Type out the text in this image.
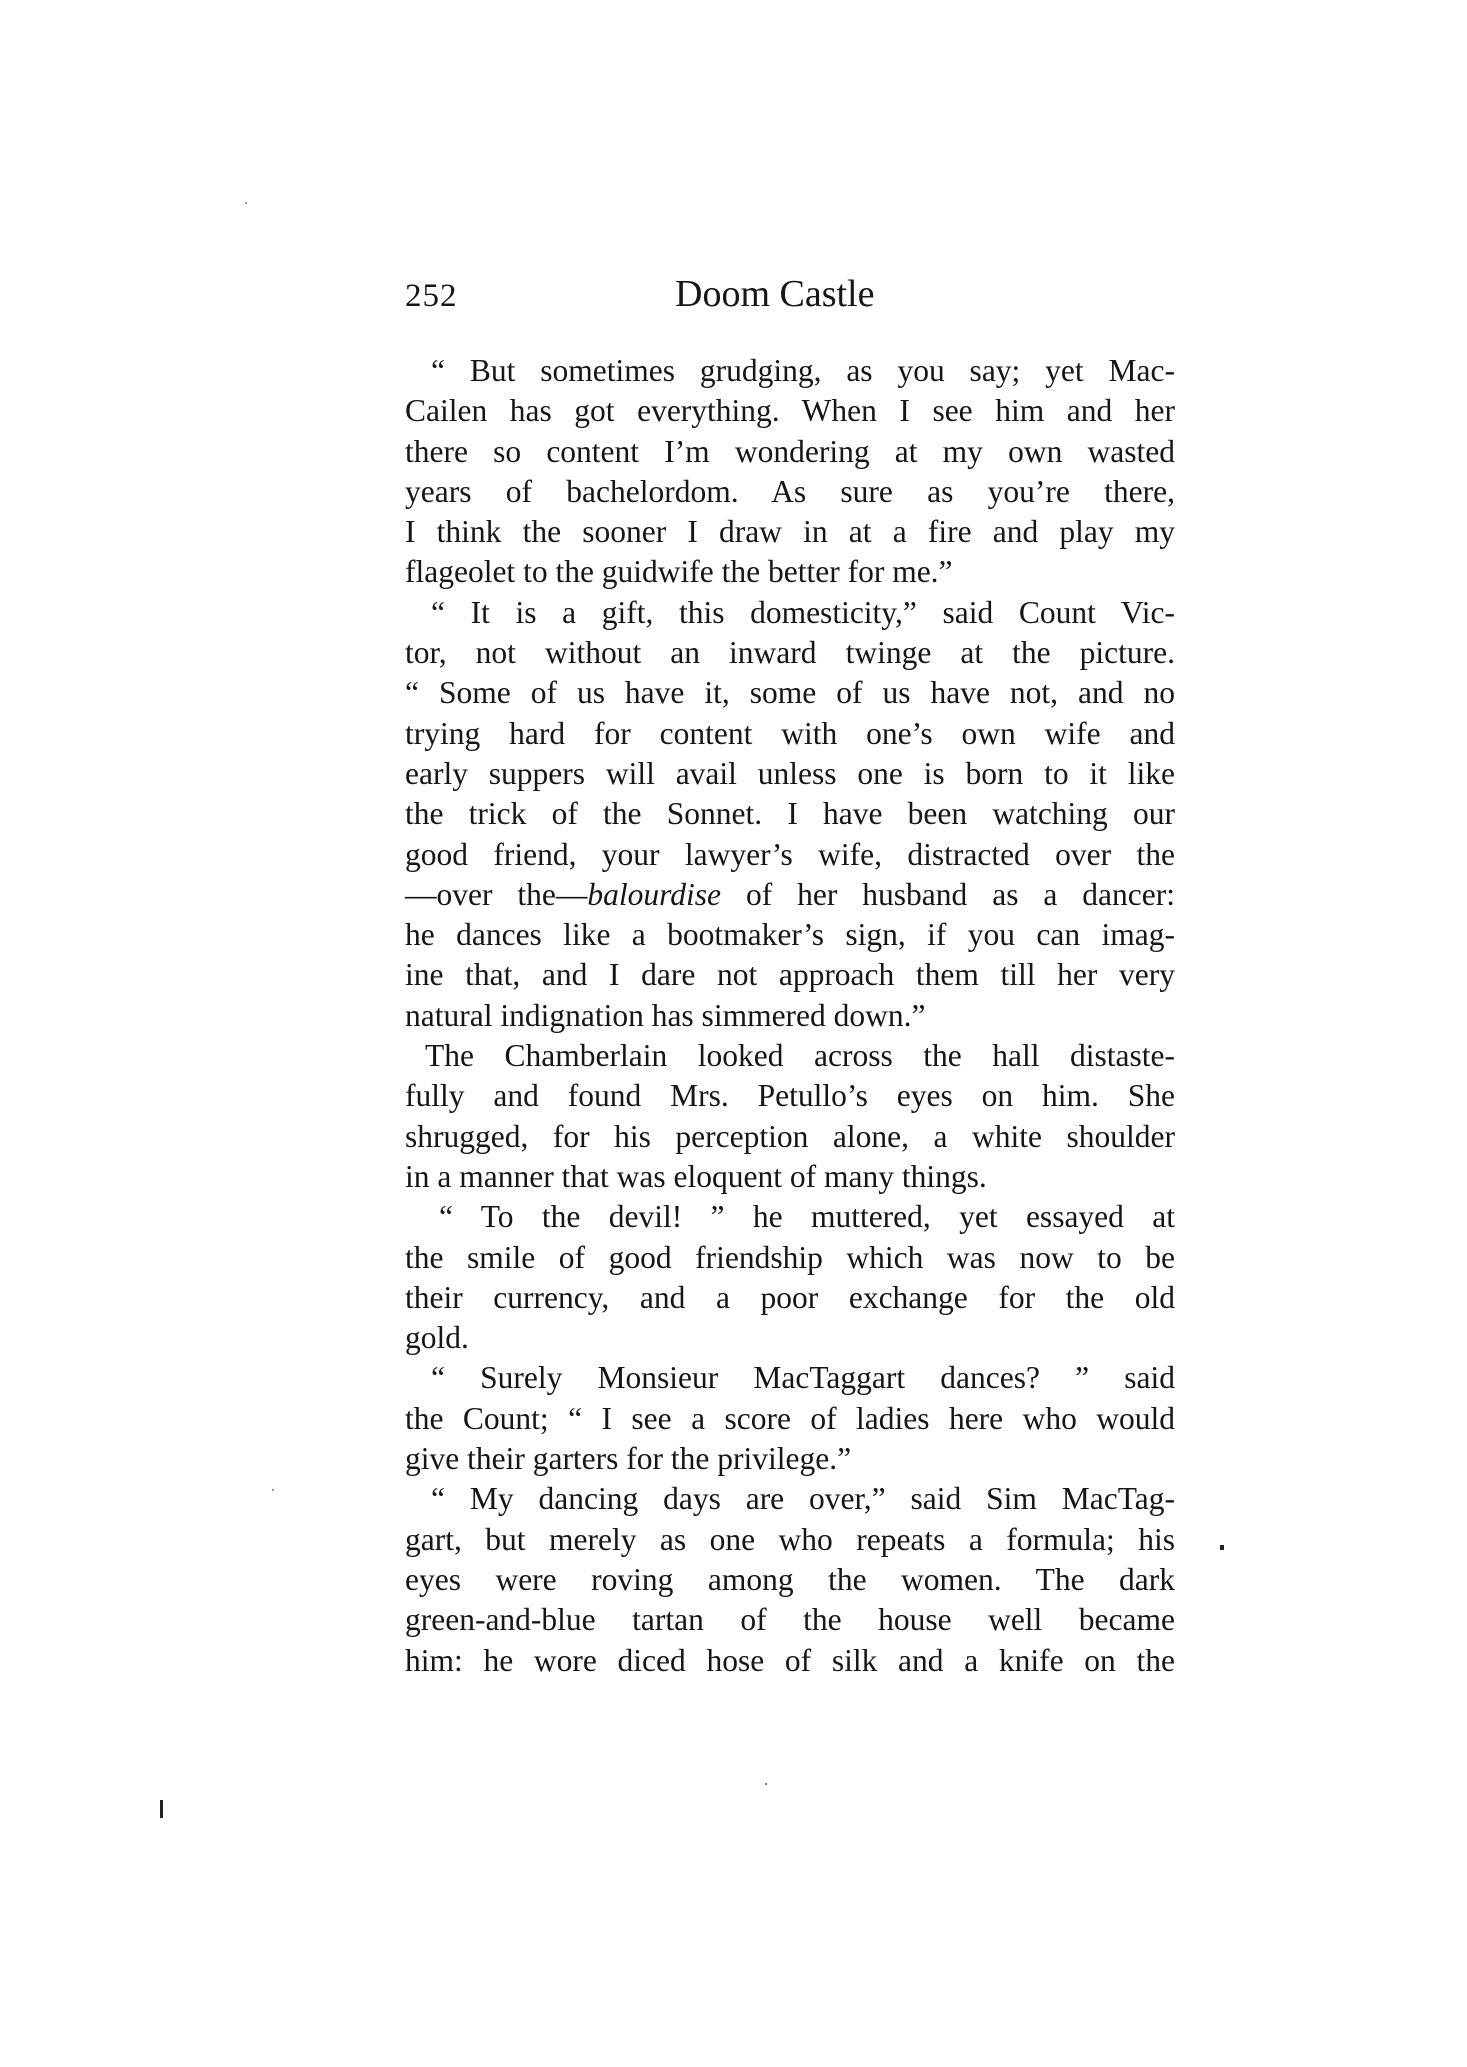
252	Doom Castle
“ But sometimes grudging, as you say; yet Mac-
Cailen has got everything. When I see him and her
there so content I’m wondering at my own wasted
years of bachelordom. As sure as you’re there,
I think the sooner I draw in at a fire and play my
flageolet to the guidwife the better for me.”
“ It is a gift, this domesticity,” said Count Vic-
tor, not without an inward twinge at the picture.
“ Some of us have it, some of us have not, and no
trying hard for content with one’s own wife and
early suppers will avail unless one is born to it like
the trick of the Sonnet. I have been watching our
good friend, your lawyer’s wife, distracted over the
—over the—balourdise of her husband as a dancer:
he dances like a bootmaker’s sign, if you can imag-
ine that, and I dare not approach them till her very
natural indignation has simmered down.”
The Chamberlain looked across the hall distaste-
fully and found Mrs. Petullo’s eyes on him. She
shrugged, for his perception alone, a white shoulder
in a manner that was eloquent of many things.
“ To the devil! ” he muttered, yet essayed at
the smile of good friendship which was now to be
their currency, and a poor exchange for the old
gold.
“ Surely Monsieur MacTaggart dances? ” said
the Count; “ I see a score of ladies here who would
give their garters for the privilege.”
“ My dancing days are over,” said Sim MacTag-
gart, but merely as one who repeats a formula; his
eyes were roving among the women. The dark
green-and-blue tartan of the house well became
him: he wore diced hose of silk and a knife on the
